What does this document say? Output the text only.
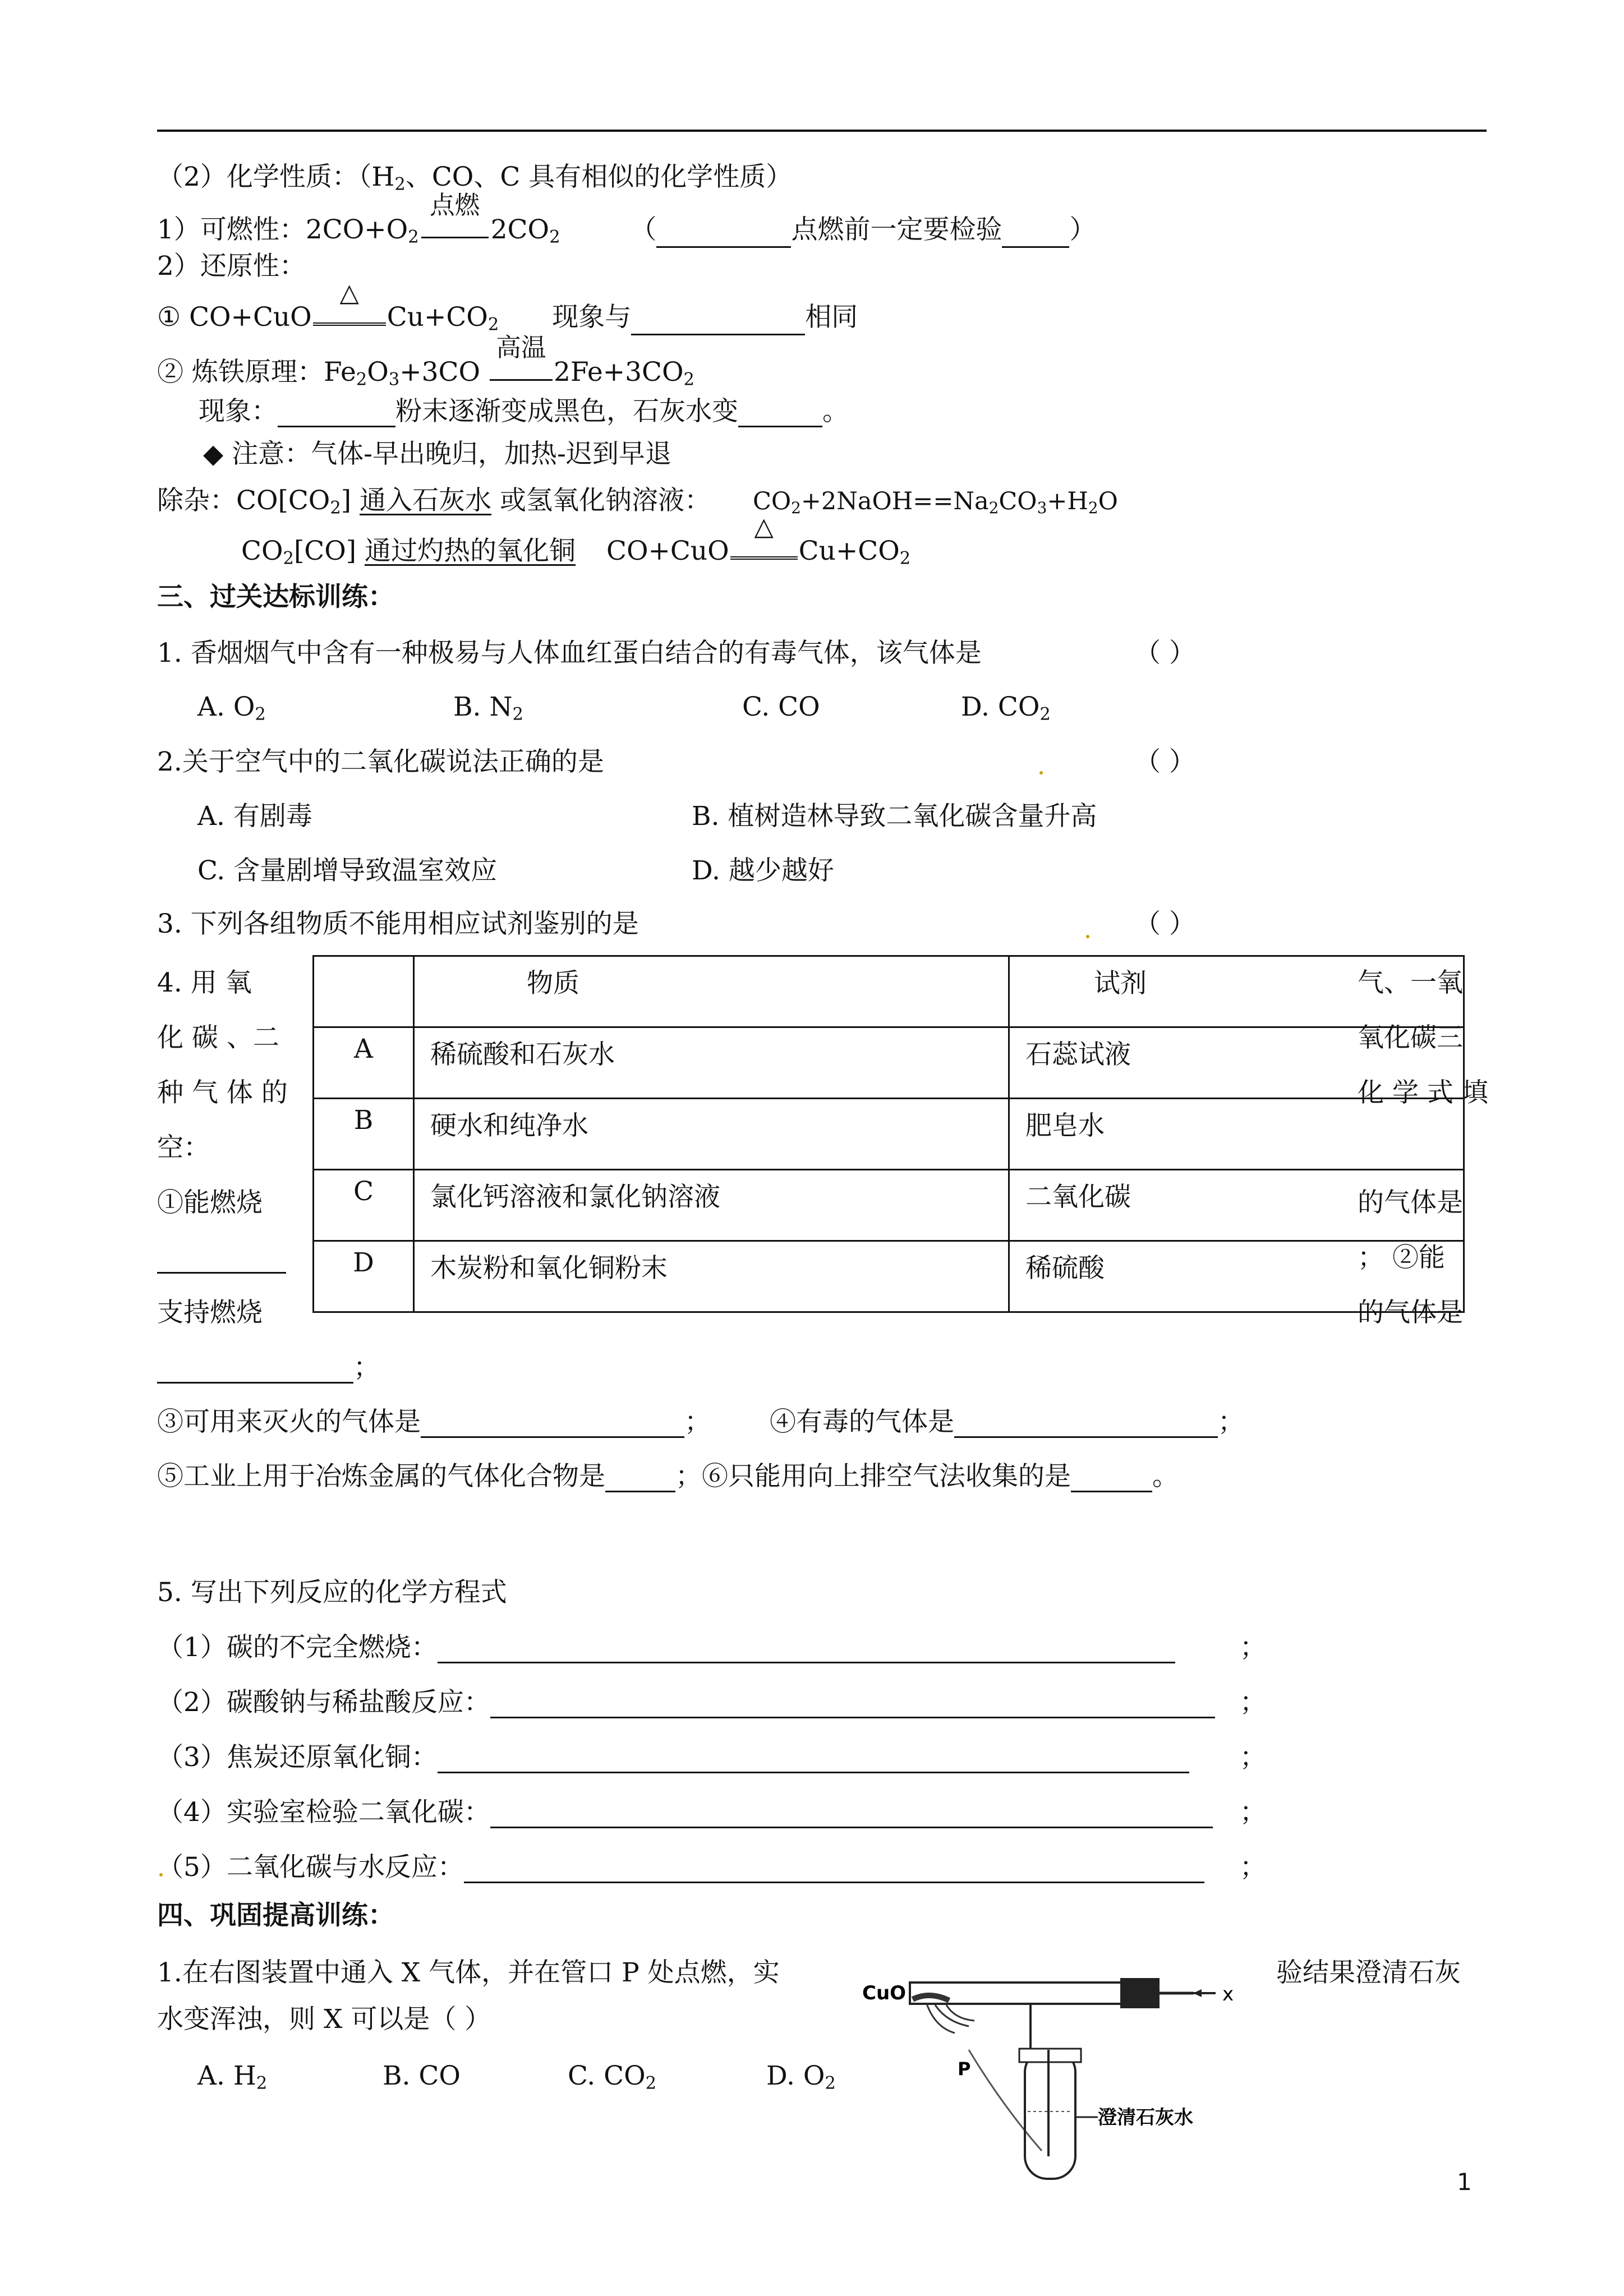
（2）化学性质：（$H_2$、CO、C 具有相似的化学性质）
1）可燃性：$2CO+O_2$
点燃
$2CO_2$	（	点燃前一定要检验	）
2）还原性：
① CO+CuO
△
$Cu+CO_2$ 现象与	相同
② 炼铁原理：$Fe_2O_3+3CO$
高温
$2Fe+3CO_2$
现象：	粉末逐渐变成黑色，石灰水变	。
◆ 注意：气体-早出晚归，加热-迟到早退
除杂：$CO[CO_2]$ 通入石灰水 或氢氧化钠溶液： $CO_2+2NaOH==Na_2CO_3+H_2O$
$CO_2[CO]$ 通过灼热的氧化铜 CO+CuO
△
$Cu+CO_2$
三、过关达标训练：
1. 香烟烟气中含有一种极易与人体血红蛋白结合的有毒气体，该气体是	（ ）
A. $O_2$	B. $N_2$	C. CO	D. $CO_2$
2.关于空气中的二氧化碳说法正确的是	（ ）
A. 有剧毒	B. 植树造林导致二氧化碳含量升高
C. 含量剧增导致温室效应	D. 越少越好
3. 下列各组物质不能用相应试剂鉴别的是	（ ）
4. 用 氧
化 碳 、二
种 气 体 的
空：
①能燃烧
支持燃烧
气、一氧
氧化碳三
化 学 式 填
的气体是
； ②能
的气体是
	物质	试剂
A	稀硫酸和石灰水	石蕊试液
B	硬水和纯净水	肥皂水
C	氯化钙溶液和氯化钠溶液	二氧化碳
D	木炭粉和氧化铜粉末	稀硫酸
；
③可用来灭火的气体是	； ④有毒的气体是	；
⑤工业上用于冶炼金属的气体化合物是	；⑥只能用向上排空气法收集的是	。
5. 写出下列反应的化学方程式
（1）碳的不完全燃烧：	；
（2）碳酸钠与稀盐酸反应：	；
（3）焦炭还原氧化铜：	；
（4）实验室检验二氧化碳：	；
（5）二氧化碳与水反应：	；
四、巩固提高训练：
1.在右图装置中通入 X 气体，并在管口 P 处点燃，实	验结果澄清石灰
水变浑浊，则 X 可以是（ ）
A. $H_2$	B. CO	C. $CO_2$	D. $O_2$
x
CuO
P
澄清石灰水
1
